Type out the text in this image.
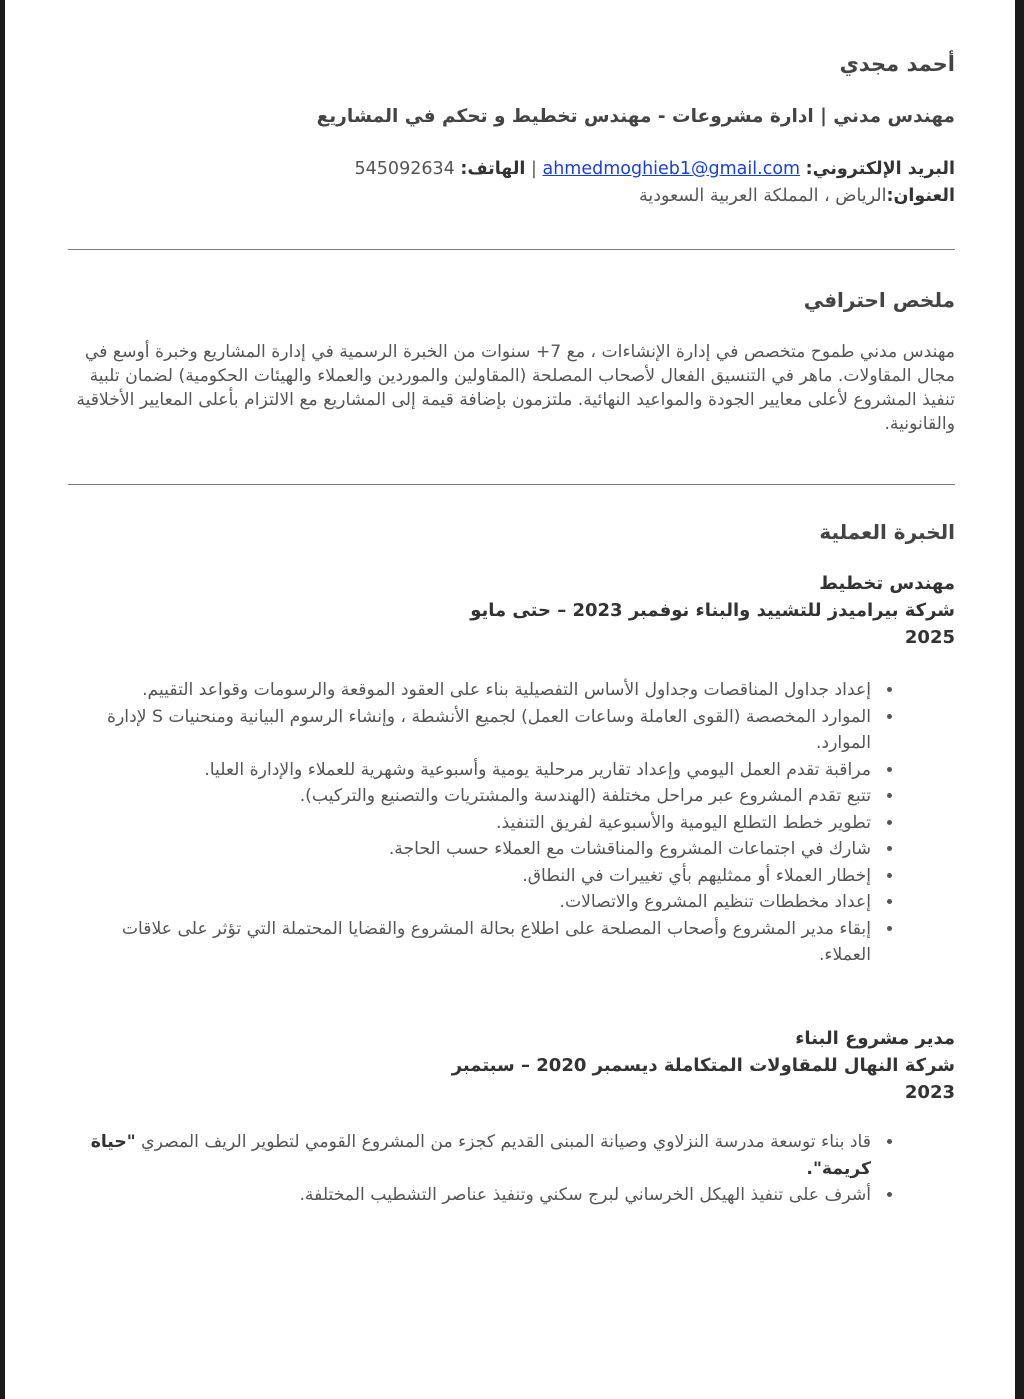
أحمد مجدي
مهندس مدني | ادارة مشروعات - مهندس تخطيط و تحكم في المشاريع
البريد الإلكتروني: ahmedmoghieb1@gmail.com | الهاتف: 545092634
العنوان:الرياض ، المملكة العربية السعودية
ملخص احترافي

مهندس مدني طموح متخصص في إدارة الإنشاءات ، مع 7+ سنوات من الخبرة الرسمية في إدارة المشاريع وخبرة أوسع في مجال المقاولات. ماهر في التنسيق الفعال لأصحاب المصلحة (المقاولين والموردين والعملاء والهيئات الحكومية) لضمان تلبية تنفيذ المشروع لأعلى معايير الجودة والمواعيد النهائية. ملتزمون بإضافة قيمة إلى المشاريع مع الالتزام بأعلى المعايير الأخلاقية والقانونية.

الخبرة العملية
مهندس تخطيط
شركة بيراميدز للتشييد والبناء نوفمبر 2023 – حتى مايو
2025
• إعداد جداول المناقصات وجداول الأساس التفصيلية بناء على العقود الموقعة والرسومات وقواعد التقييم.
• الموارد المخصصة (القوى العاملة وساعات العمل) لجميع الأنشطة ، وإنشاء الرسوم البيانية ومنحنيات S لإدارة الموارد.
• مراقبة تقدم العمل اليومي وإعداد تقارير مرحلية يومية وأسبوعية وشهرية للعملاء والإدارة العليا.
• تتبع تقدم المشروع عبر مراحل مختلفة (الهندسة والمشتريات والتصنيع والتركيب).
• تطوير خطط التطلع اليومية والأسبوعية لفريق التنفيذ.
• شارك في اجتماعات المشروع والمناقشات مع العملاء حسب الحاجة.
• إخطار العملاء أو ممثليهم بأي تغييرات في النطاق.
• إعداد مخططات تنظيم المشروع والاتصالات.
• إبقاء مدير المشروع وأصحاب المصلحة على اطلاع بحالة المشروع والقضايا المحتملة التي تؤثر على علاقات العملاء.
مدير مشروع البناء
شركة النهال للمقاولات المتكاملة ديسمبر 2020 – سبتمبر
2023
• قاد بناء توسعة مدرسة النزلاوي وصيانة المبنى القديم كجزء من المشروع القومي لتطوير الريف المصري "حياة كريمة".
• أشرف على تنفيذ الهيكل الخرساني لبرج سكني وتنفيذ عناصر التشطيب المختلفة.
